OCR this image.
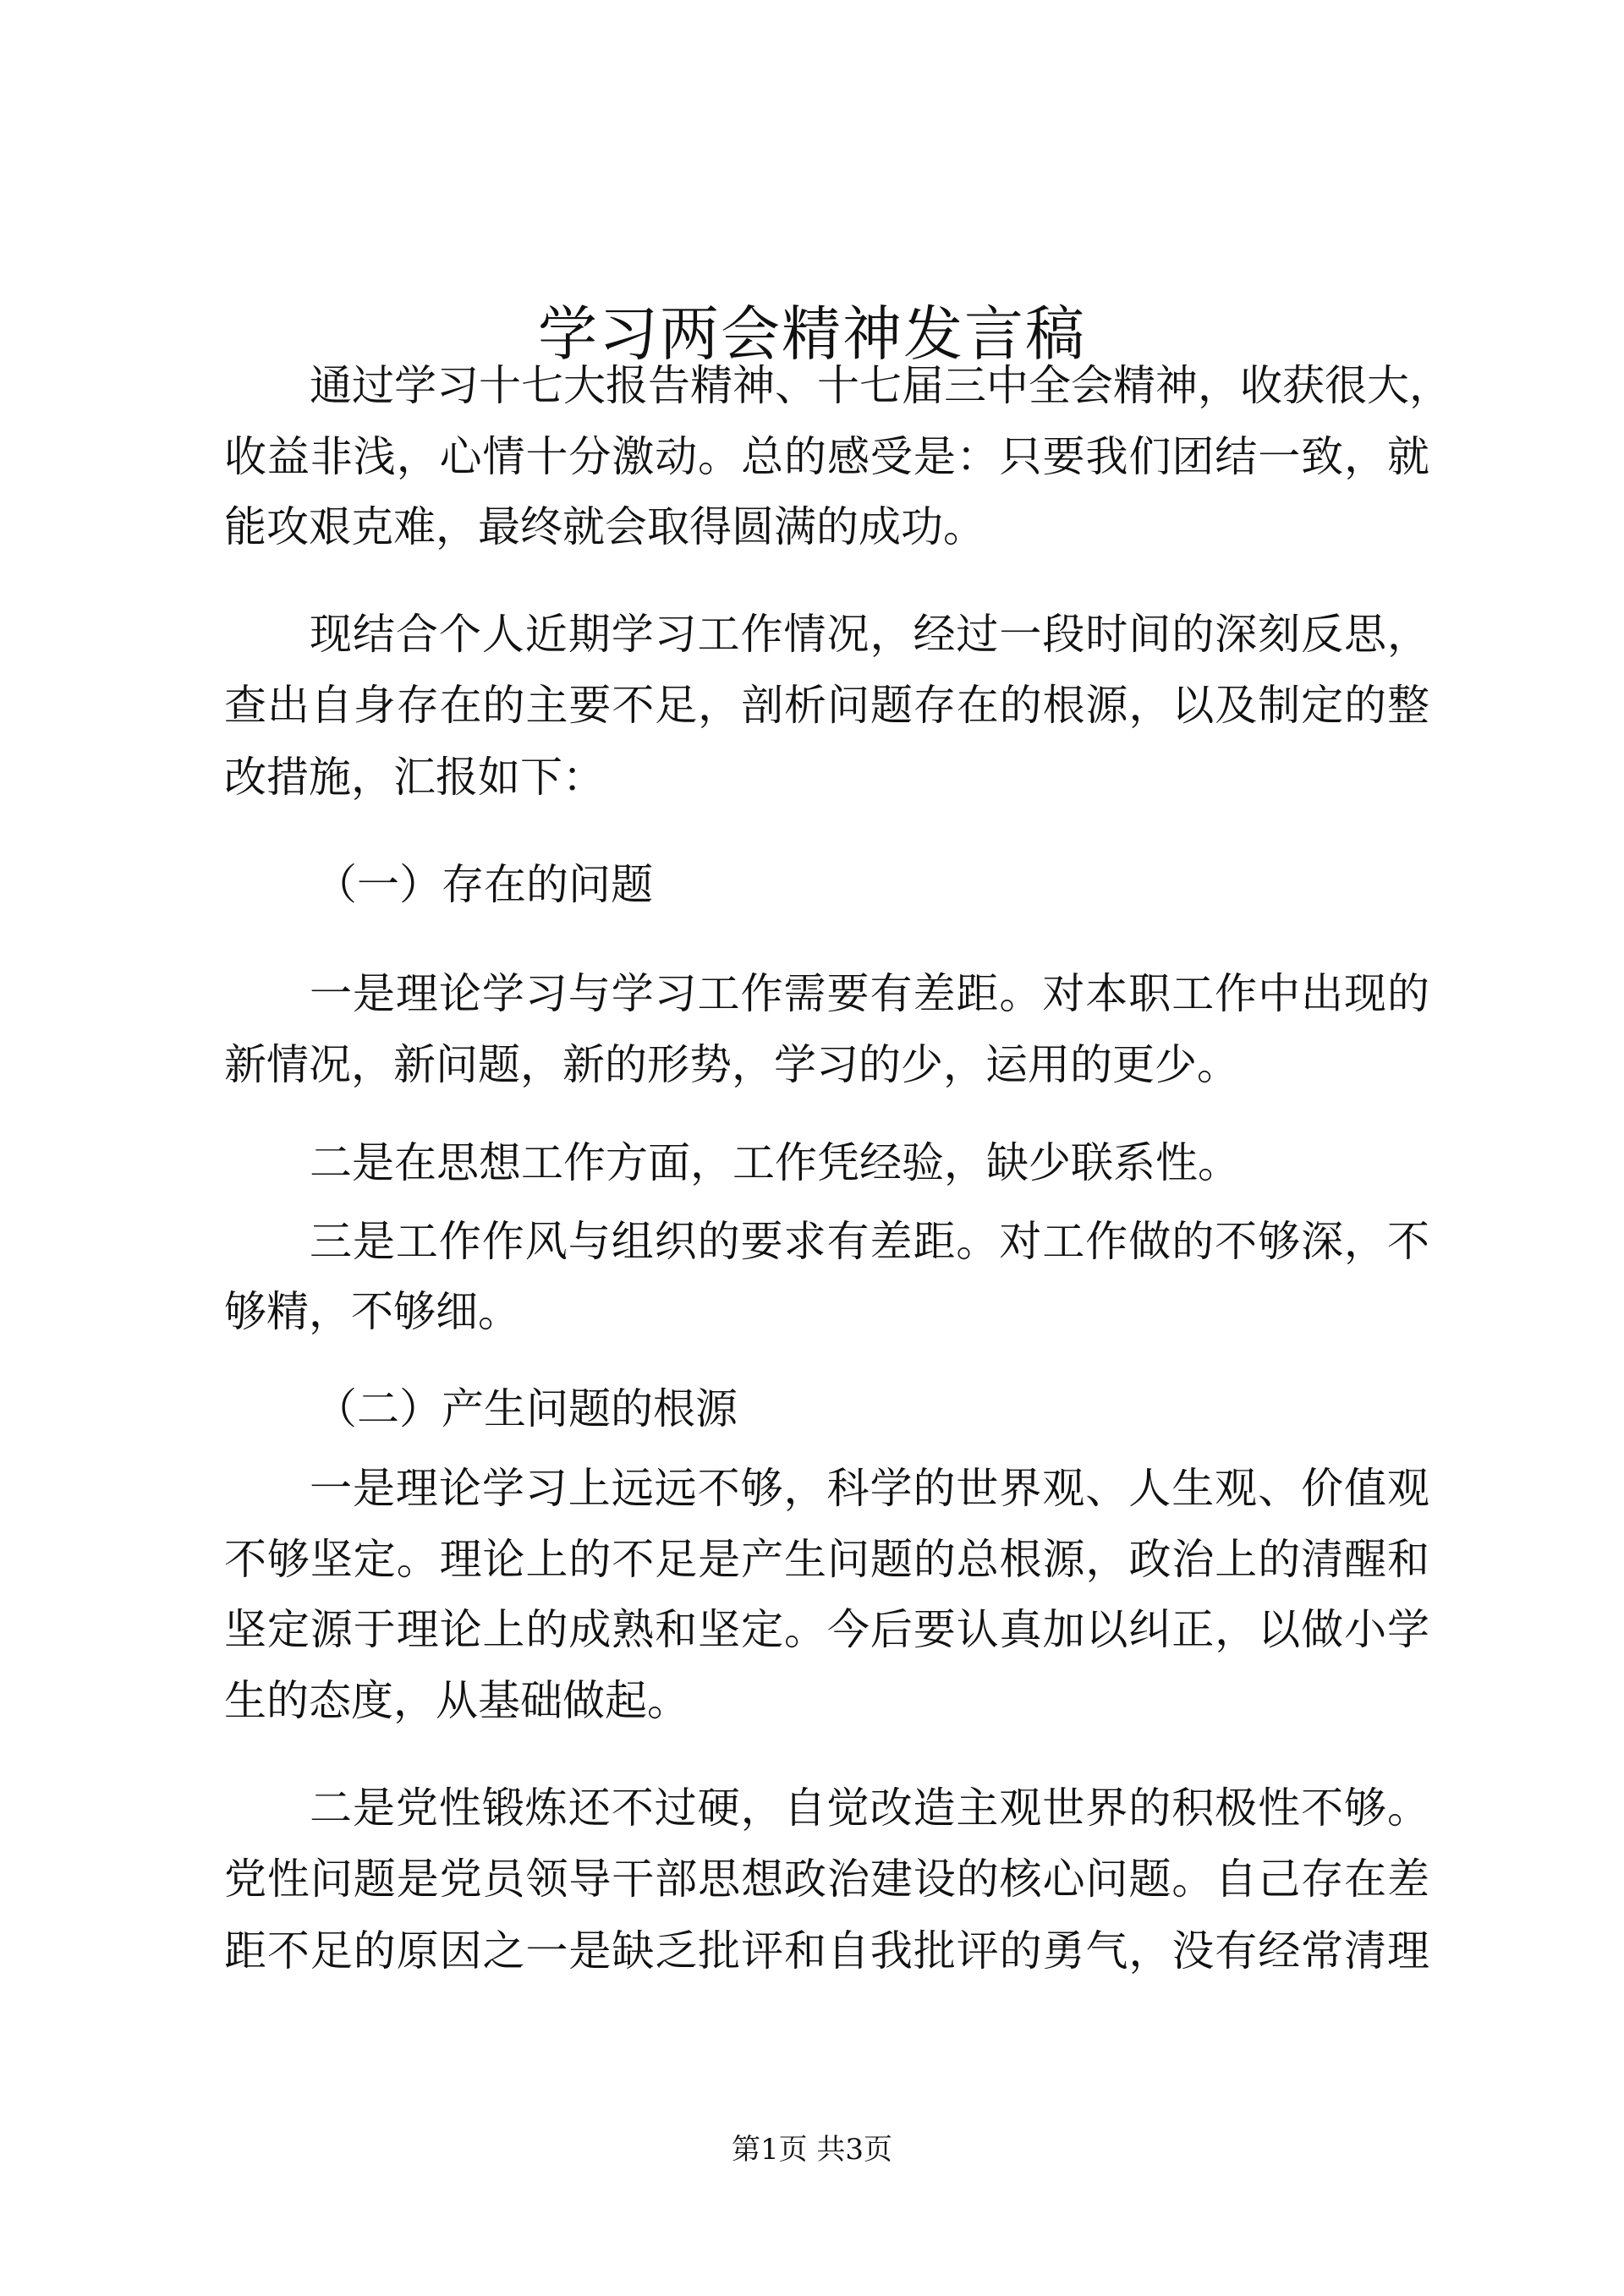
学习两会精神发言稿
通过学习十七大报告精神、十七届三中全会精神，收获很大，
收益非浅，心情十分激动。总的感受是：只要我们团结一致，就
能攻艰克难，最终就会取得圆满的成功。
现结合个人近期学习工作情况，经过一段时间的深刻反思，
查出自身存在的主要不足，剖析问题存在的根源，以及制定的整
改措施，汇报如下：
（一）存在的问题
一是理论学习与学习工作需要有差距。对本职工作中出现的
新情况，新问题，新的形势，学习的少，运用的更少。
二是在思想工作方面，工作凭经验，缺少联系性。
三是工作作风与组织的要求有差距。对工作做的不够深，不
够精，不够细。
（二）产生问题的根源
一是理论学习上远远不够，科学的世界观、人生观、价值观
不够坚定。理论上的不足是产生问题的总根源，政治上的清醒和
坚定源于理论上的成熟和坚定。今后要认真加以纠正，以做小学
生的态度，从基础做起。
二是党性锻炼还不过硬，自觉改造主观世界的积极性不够。
党性问题是党员领导干部思想政治建设的核心问题。自己存在差
距不足的原因之一是缺乏批评和自我批评的勇气，没有经常清理
第1页 共3页
